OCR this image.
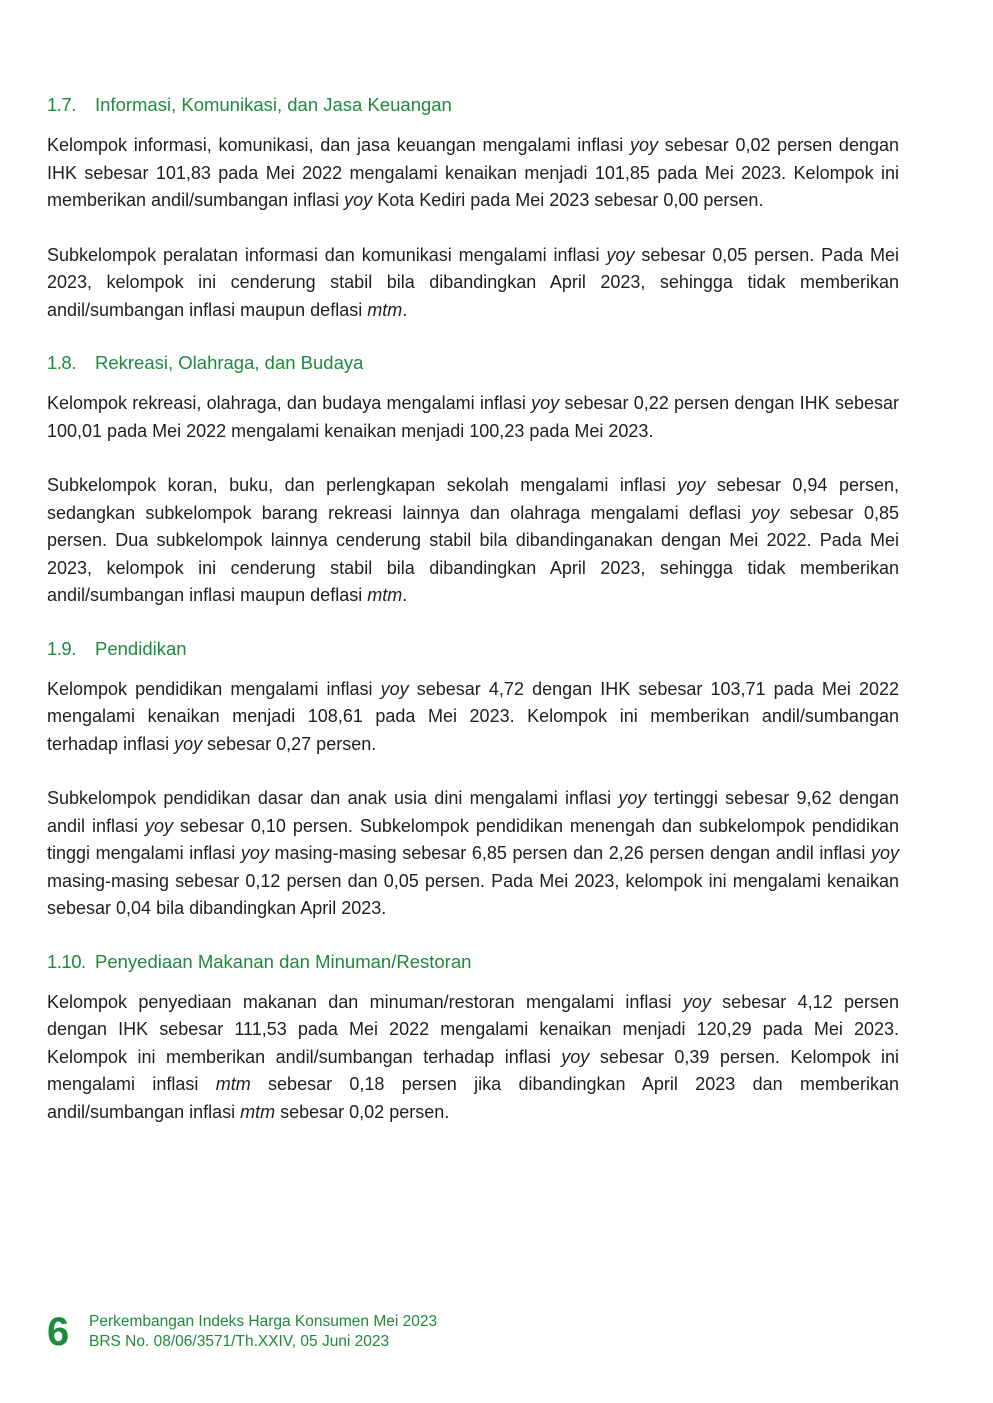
1.7.	Informasi, Komunikasi, dan Jasa Keuangan

Kelompok informasi, komunikasi, dan jasa keuangan mengalami inflasi yoy sebesar 0,02 persen dengan IHK sebesar 101,83 pada Mei 2022 mengalami kenaikan menjadi 101,85 pada Mei 2023. Kelompok ini memberikan andil/sumbangan inflasi yoy Kota Kediri pada Mei 2023 sebesar 0,00 persen.

Subkelompok peralatan informasi dan komunikasi mengalami inflasi yoy sebesar 0,05 persen. Pada Mei 2023, kelompok ini cenderung stabil bila dibandingkan April 2023, sehingga tidak memberikan andil/sumbangan inflasi maupun deflasi mtm.

1.8.	Rekreasi, Olahraga, dan Budaya

Kelompok rekreasi, olahraga, dan budaya mengalami inflasi yoy sebesar 0,22 persen dengan IHK sebesar 100,01 pada Mei 2022 mengalami kenaikan menjadi 100,23 pada Mei 2023.

Subkelompok koran, buku, dan perlengkapan sekolah mengalami inflasi yoy sebesar 0,94 persen, sedangkan subkelompok barang rekreasi lainnya dan olahraga mengalami deflasi yoy sebesar 0,85 persen. Dua subkelompok lainnya cenderung stabil bila dibandinganakan dengan Mei 2022. Pada Mei 2023, kelompok ini cenderung stabil bila dibandingkan April 2023, sehingga tidak memberikan andil/sumbangan inflasi maupun deflasi mtm.

1.9.	Pendidikan

Kelompok pendidikan mengalami inflasi yoy sebesar 4,72 dengan IHK sebesar 103,71 pada Mei 2022 mengalami kenaikan menjadi 108,61 pada Mei 2023. Kelompok ini memberikan andil/sumbangan terhadap inflasi yoy sebesar 0,27 persen.

Subkelompok pendidikan dasar dan anak usia dini mengalami inflasi yoy tertinggi sebesar 9,62 dengan andil inflasi yoy sebesar 0,10 persen. Subkelompok pendidikan menengah dan subkelompok pendidikan tinggi mengalami inflasi yoy masing-masing sebesar 6,85 persen dan 2,26 persen dengan andil inflasi yoy masing-masing sebesar 0,12 persen dan 0,05 persen. Pada Mei 2023, kelompok ini mengalami kenaikan sebesar 0,04 bila dibandingkan April 2023.

1.10. Penyediaan Makanan dan Minuman/Restoran

Kelompok penyediaan makanan dan minuman/restoran mengalami inflasi yoy sebesar 4,12 persen dengan IHK sebesar 111,53 pada Mei 2022 mengalami kenaikan menjadi 120,29 pada Mei 2023. Kelompok ini memberikan andil/sumbangan terhadap inflasi yoy sebesar 0,39 persen. Kelompok ini mengalami inflasi mtm sebesar 0,18 persen jika dibandingkan April 2023 dan memberikan andil/sumbangan inflasi mtm sebesar 0,02 persen.

6	Perkembangan Indeks Harga Konsumen Mei 2023
BRS No. 08/06/3571/Th.XXIV, 05 Juni 2023
